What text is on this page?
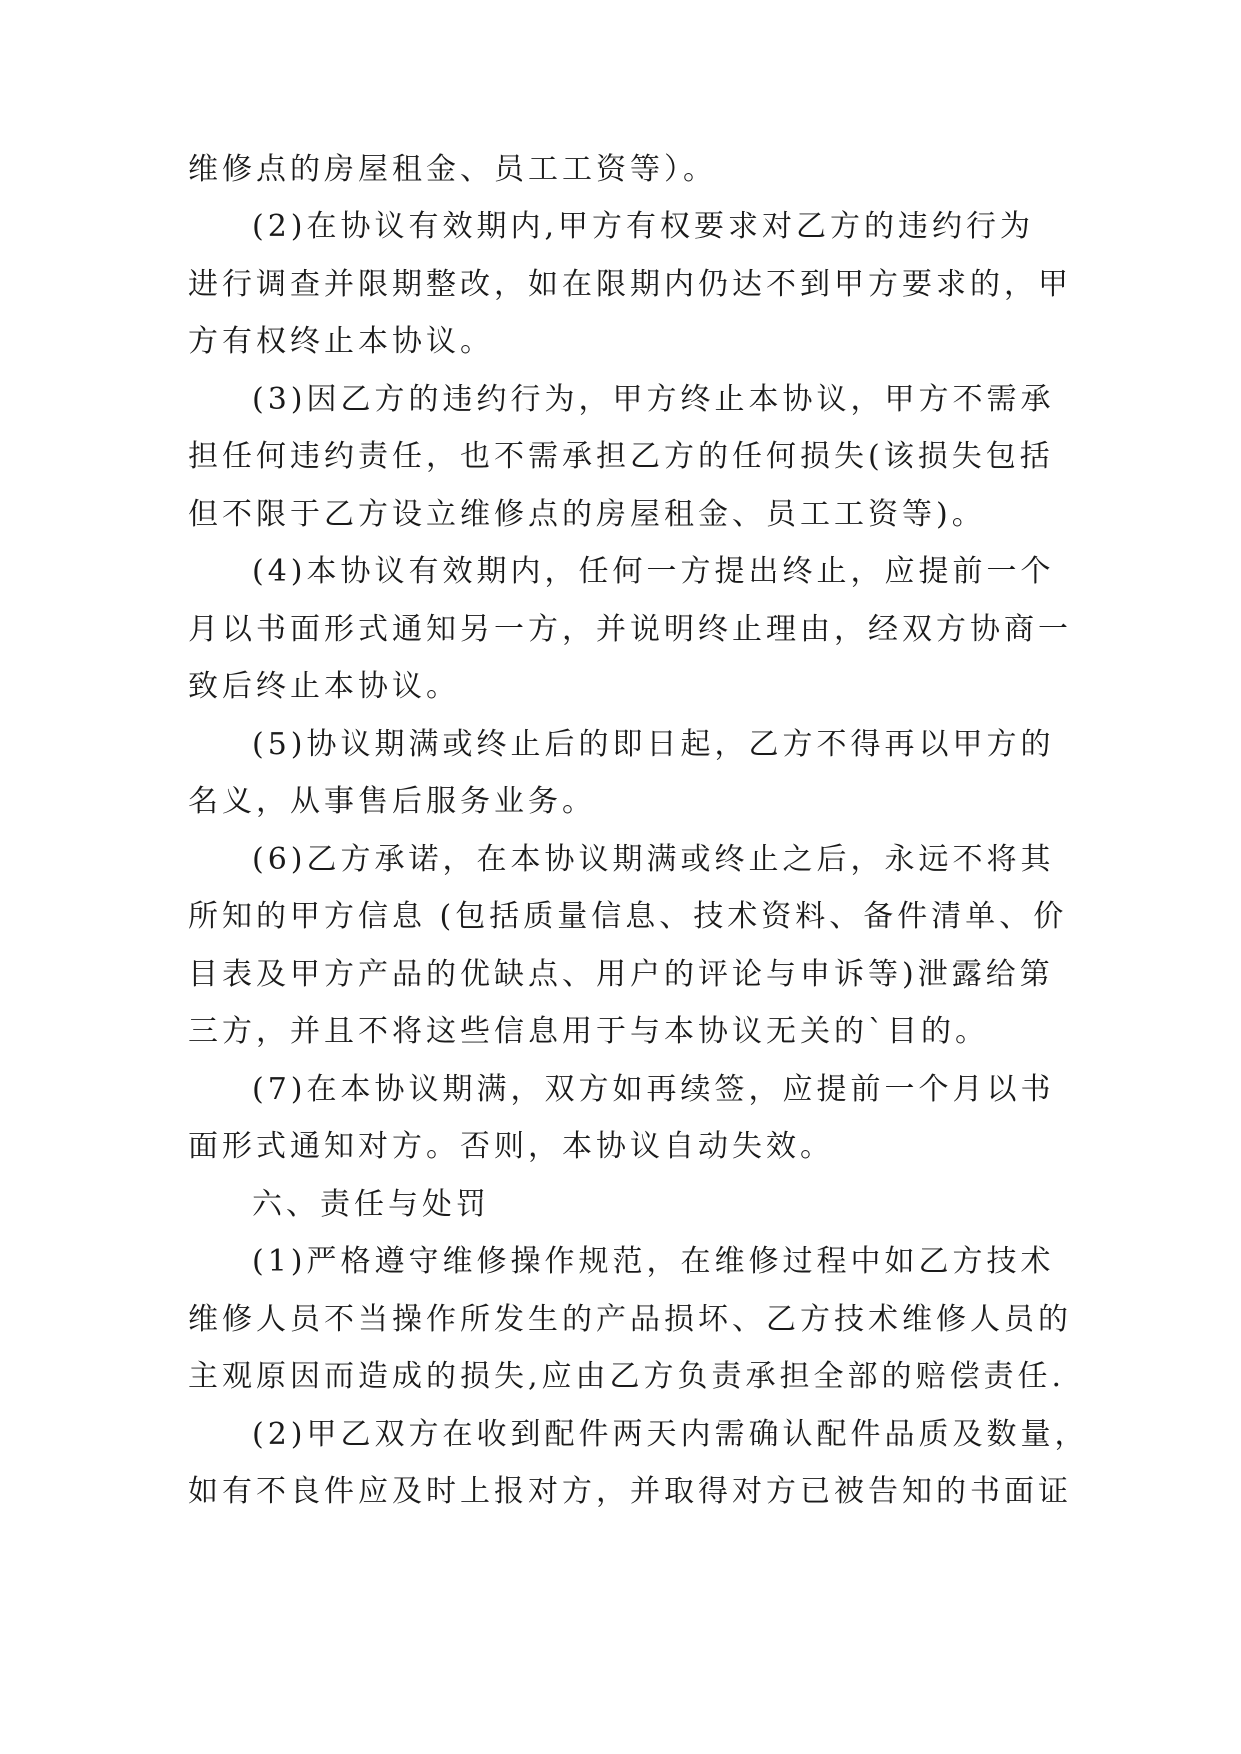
维修点的房屋租金、员工工资等）。
(2)在协议有效期内,甲方有权要求对乙方的违约行为
进行调查并限期整改，如在限期内仍达不到甲方要求的，甲
方有权终止本协议。
(3)因乙方的违约行为，甲方终止本协议，甲方不需承
担任何违约责任，也不需承担乙方的任何损失(该损失包括
但不限于乙方设立维修点的房屋租金、员工工资等)。
(4)本协议有效期内，任何一方提出终止，应提前一个
月以书面形式通知另一方，并说明终止理由，经双方协商一
致后终止本协议。
(5)协议期满或终止后的即日起，乙方不得再以甲方的
名义，从事售后服务业务。
(6)乙方承诺，在本协议期满或终止之后，永远不将其
所知的甲方信息 (包括质量信息、技术资料、备件清单、价
目表及甲方产品的优缺点、用户的评论与申诉等)泄露给第
三方，并且不将这些信息用于与本协议无关的`目的。
(7)在本协议期满，双方如再续签，应提前一个月以书
面形式通知对方。否则，本协议自动失效。
六、责任与处罚
(1)严格遵守维修操作规范，在维修过程中如乙方技术
维修人员不当操作所发生的产品损坏、乙方技术维修人员的
主观原因而造成的损失,应由乙方负责承担全部的赔偿责任.
(2)甲乙双方在收到配件两天内需确认配件品质及数量，
如有不良件应及时上报对方，并取得对方已被告知的书面证
